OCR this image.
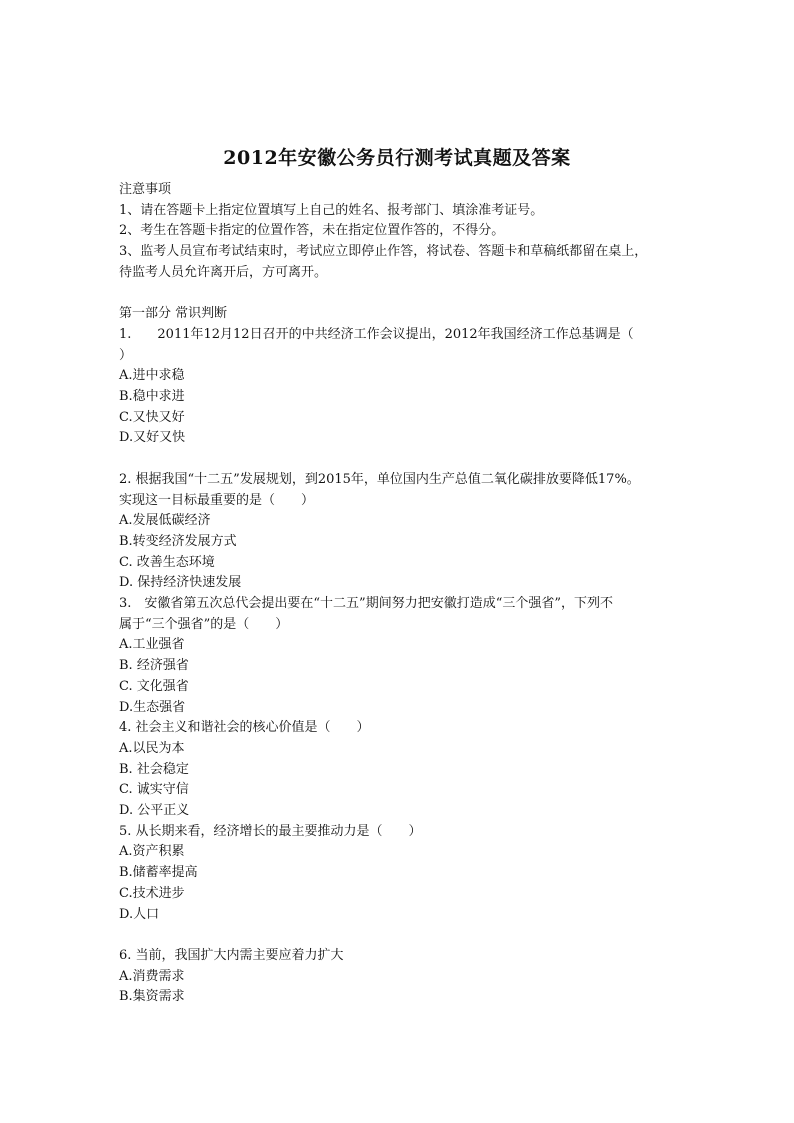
2012年安徽公务员行测考试真题及答案
注意事项
1、请在答题卡上指定位置填写上自己的姓名、报考部门、填涂准考证号。
2、考生在答题卡指定的位置作答，未在指定位置作答的，不得分。
3、监考人员宣布考试结束时，考试应立即停止作答，将试卷、答题卡和草稿纸都留在桌上，
待监考人员允许离开后，方可离开。
第一部分 常识判断
1.　　2011年12月12日召开的中共经济工作会议提出，2012年我国经济工作总基调是（
）
A.进中求稳
B.稳中求进
C.又快又好
D.又好又快
2. 根据我国“十二五”发展规划，到2015年，单位国内生产总值二氧化碳排放要降低17%。
实现这一目标最重要的是（　　）
A.发展低碳经济
B.转变经济发展方式
C. 改善生态环境
D. 保持经济快速发展
3.　安徽省第五次总代会提出要在“十二五”期间努力把安徽打造成“三个强省”，下列不
属于“三个强省”的是（　　）
A.工业强省
B. 经济强省
C. 文化强省
D.生态强省
4. 社会主义和谐社会的核心价值是（　　）
A.以民为本
B. 社会稳定
C. 诚实守信
D. 公平正义
5. 从长期来看，经济增长的最主要推动力是（　　）
A.资产积累
B.储蓄率提高
C.技术进步
D.人口
6. 当前，我国扩大内需主要应着力扩大
A.消费需求
B.集资需求
